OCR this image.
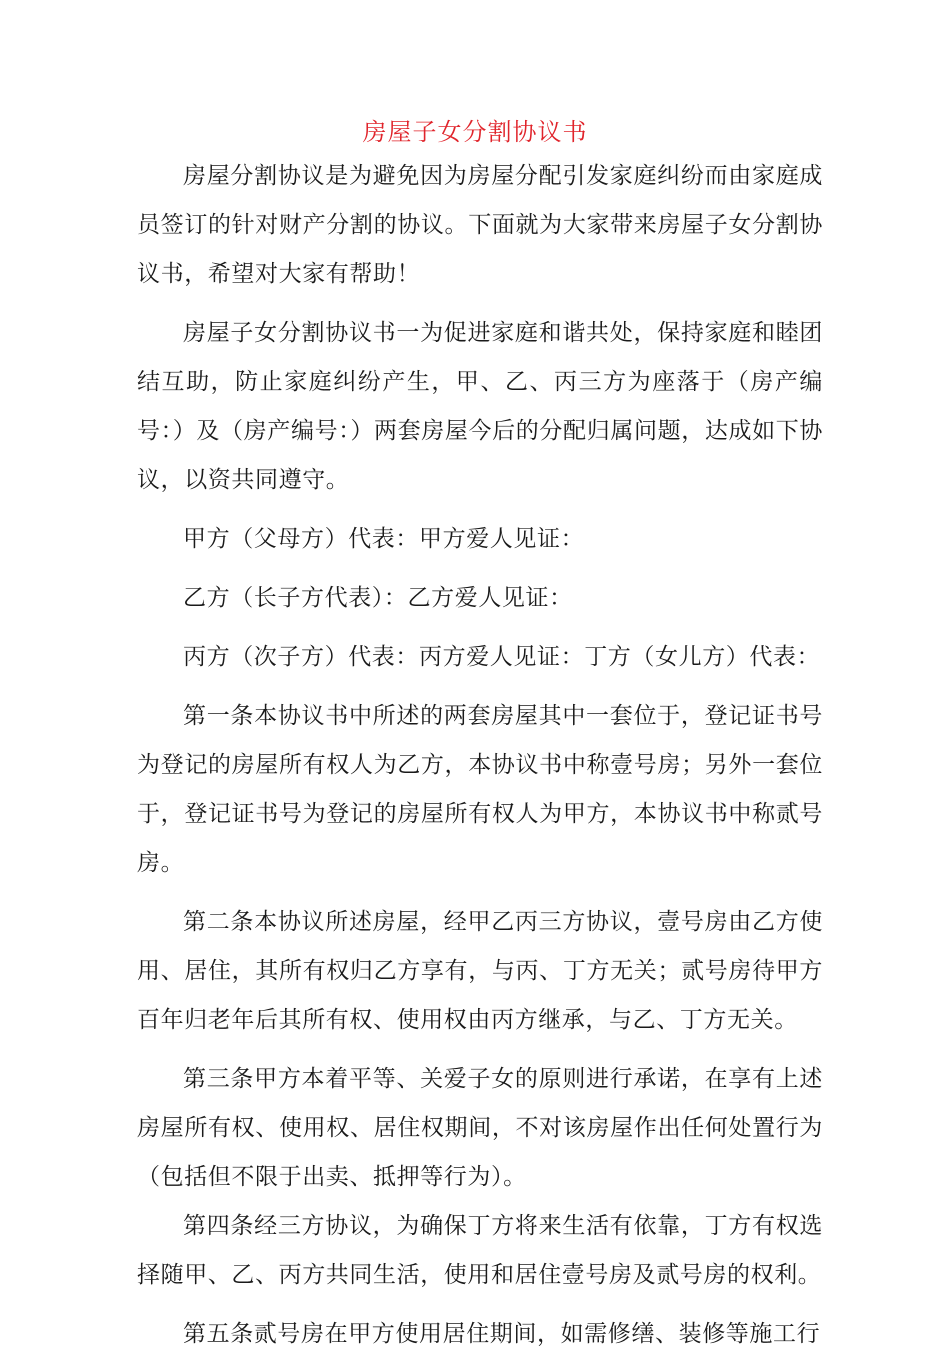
房屋子女分割协议书

房屋分割协议是为避免因为房屋分配引发家庭纠纷而由家庭成员签订的针对财产分割的协议。下面就为大家带来房屋子女分割协议书，希望对大家有帮助！

房屋子女分割协议书一为促进家庭和谐共处，保持家庭和睦团结互助，防止家庭纠纷产生，甲、乙、丙三方为座落于（房产编号：）及（房产编号：）两套房屋今后的分配归属问题，达成如下协议，以资共同遵守。

甲方（父母方）代表：甲方爱人见证：

乙方（长子方代表）：乙方爱人见证：

丙方（次子方）代表：丙方爱人见证：丁方（女儿方）代表：

第一条本协议书中所述的两套房屋其中一套位于，登记证书号为登记的房屋所有权人为乙方，本协议书中称壹号房；另外一套位于，登记证书号为登记的房屋所有权人为甲方，本协议书中称贰号房。

第二条本协议所述房屋，经甲乙丙三方协议，壹号房由乙方使用、居住，其所有权归乙方享有，与丙、丁方无关；贰号房待甲方百年归老年后其所有权、使用权由丙方继承，与乙、丁方无关。

第三条甲方本着平等、关爱子女的原则进行承诺，在享有上述房屋所有权、使用权、居住权期间，不对该房屋作出任何处置行为（包括但不限于出卖、抵押等行为）。

第四条经三方协议，为确保丁方将来生活有依靠，丁方有权选择随甲、乙、丙方共同生活，使用和居住壹号房及贰号房的权利。

第五条贰号房在甲方使用居住期间，如需修缮、装修等施工行
